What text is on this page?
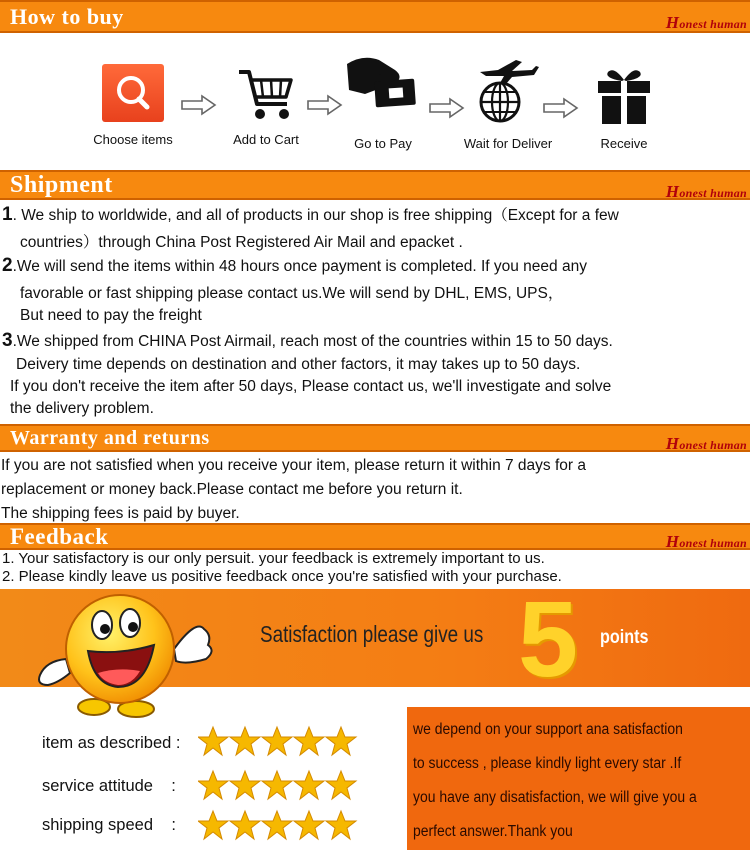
How to buy	Honest human
Choose items	Add to Cart	Go to Pay	Wait for Deliver	Receive
Shipment	Honest human
1. We ship to worldwide, and all of products in our shop is free shipping（Except for a few
countries）through China Post Registered Air Mail and epacket .
2.We will send the items within 48 hours once payment is completed. If you need any
favorable or fast shipping please contact us.We will send by DHL, EMS, UPS，
But need to pay the freight
3.We shipped from CHINA Post Airmail, reach most of the countries within 15 to 50 days.
Deivery time depends on destination and other factors, it may takes up to 50 days.
If you don't receive the item after 50 days, Please contact us, we'll investigate and solve
the delivery problem.
Warranty and returns	Honest human
If you are not satisfied when you receive your item, please return it within 7 days for a
replacement or money back.Please contact me before you return it.
The shipping fees is paid by buyer.
Feedback	Honest human
1. Your satisfactory is our only persuit. your feedback is extremely important to us.
2. Please kindly leave us positive feedback once you're satisfied with your purchase.
Satisfaction please give us 5 points
item as described :
service attitude    :
shipping speed    :
we depend on your support ana satisfaction
to success , please kindly light every star .If
you have any disatisfaction, we will give you a
perfect answer.Thank you
